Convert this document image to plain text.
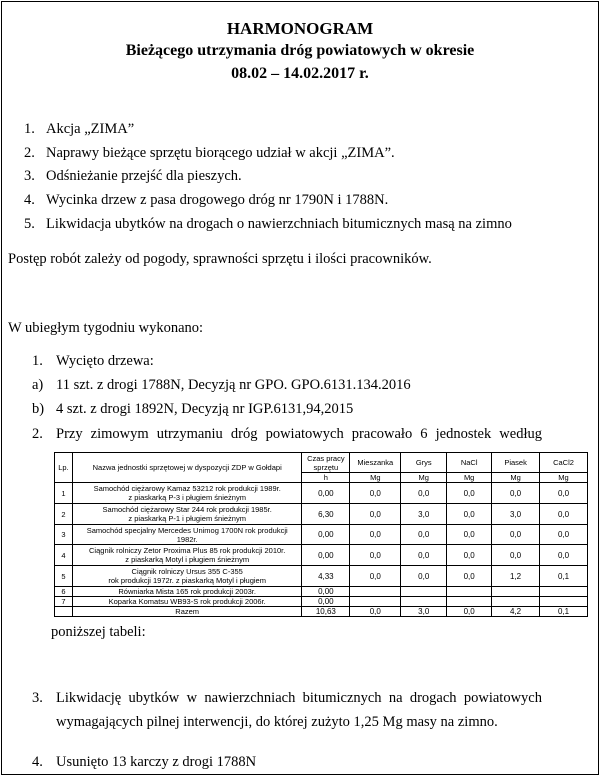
HARMONOGRAM
Bieżącego utrzymania dróg powiatowych w okresie
08.02 – 14.02.2017 r.
1. Akcja „ZIMA”
2. Naprawy bieżące sprzętu biorącego udział w akcji „ZIMA”.
3. Odśnieżanie przejść dla pieszych.
4. Wycinka drzew z pasa drogowego dróg nr 1790N i 1788N.
5. Likwidacja ubytków na drogach o nawierzchniach bitumicznych masą na zimno
Postęp robót zależy od pogody, sprawności sprzętu i ilości pracowników.
W ubiegłym tygodniu wykonano:
1. Wycięto drzewa:
a) 11 szt. z drogi 1788N, Decyzją nr GPO. GPO.6131.134.2016
b) 4 szt. z drogi 1892N, Decyzją nr IGP.6131,94,2015
2. Przy zimowym utrzymaniu dróg powiatowych pracowało 6 jednostek według
Lp.	Nazwa jednostki sprzętowej w dyspozycji ZDP w Gołdapi	Czas pracy sprzętu	Mieszanka	Grys	NaCl	Piasek	CaCl2
		h	Mg	Mg	Mg	Mg	Mg
1	Samochód ciężarowy Kamaz 53212 rok produkcji 1989r.
z piaskarką P-3 i pługiem śnieżnym	0,00	0,0	0,0	0,0	0,0	0,0
2	Samochód ciężarowy Star 244 rok produkcji 1985r.
z piaskarką P-1 i pługiem śnieżnym	6,30	0,0	3,0	0,0	3,0	0,0
3	Samochód specjalny Mercedes Unimog 1700N rok produkcji
1982r.	0,00	0,0	0,0	0,0	0,0	0,0
4	Ciągnik rolniczy Zetor Proxima Plus 85 rok produkcji 2010r.
z piaskarką Motyl i pługiem śnieżnym	0,00	0,0	0,0	0,0	0,0	0,0
5	Ciągnik rolniczy Ursus 355 C-355
rok produkcji 1972r. z piaskarką Motyl i pługiem	4,33	0,0	0,0	0,0	1,2	0,1
6	Równiarka Mista 165 rok produkcji 2003r.	0,00					
7	Koparka Komatsu WB93-S rok produkcji 2006r.	0,00					
	Razem	10,63	0,0	3,0	0,0	4,2	0,1
poniższej tabeli:
3. Likwidację ubytków w nawierzchniach bitumicznych na drogach powiatowych
wymagających pilnej interwencji, do której zużyto 1,25 Mg masy na zimno.
4. Usunięto 13 karczy z drogi 1788N
